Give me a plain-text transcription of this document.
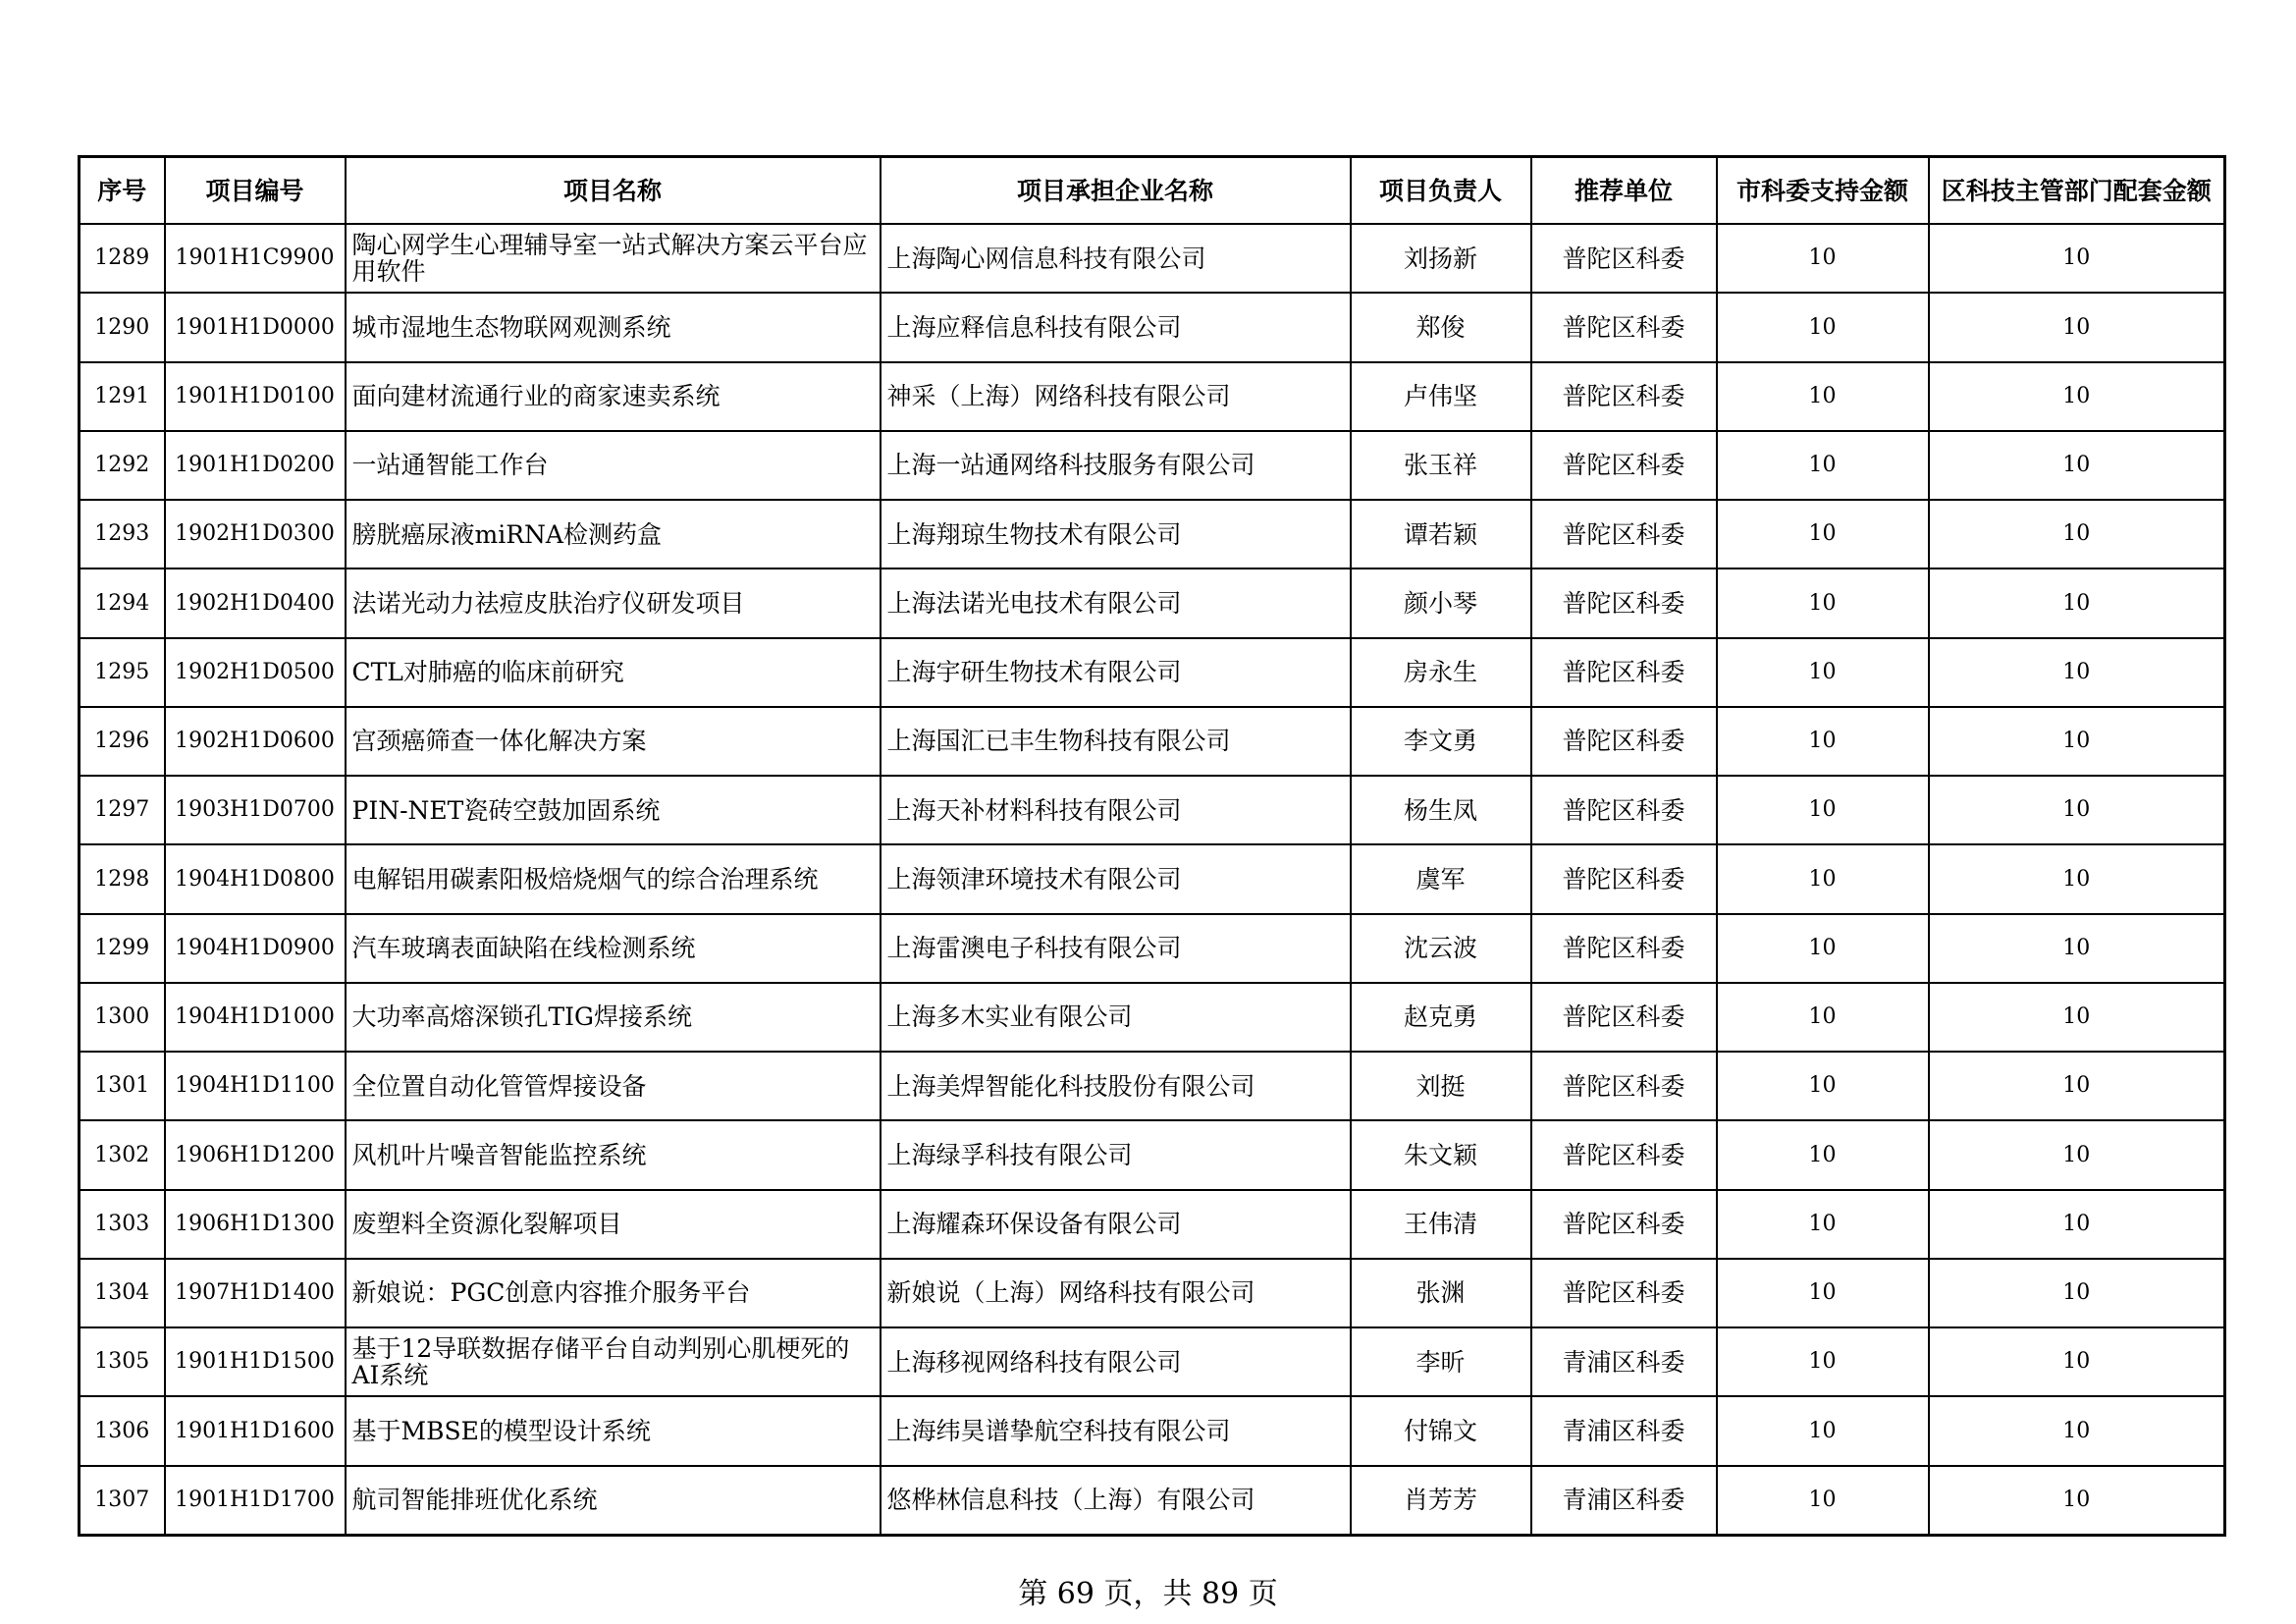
序号	项目编号	项目名称	项目承担企业名称	项目负责人	推荐单位	市科委支持金额	区科技主管部门配套金额
1289	1901H1C9900	陶心网学生心理辅导室一站式解决方案云平台应用软件	上海陶心网信息科技有限公司	刘扬新	普陀区科委	10	10
1290	1901H1D0000	城市湿地生态物联网观测系统	上海应释信息科技有限公司	郑俊	普陀区科委	10	10
1291	1901H1D0100	面向建材流通行业的商家速卖系统	神采（上海）网络科技有限公司	卢伟坚	普陀区科委	10	10
1292	1901H1D0200	一站通智能工作台	上海一站通网络科技服务有限公司	张玉祥	普陀区科委	10	10
1293	1902H1D0300	膀胱癌尿液miRNA检测药盒	上海翔琼生物技术有限公司	谭若颖	普陀区科委	10	10
1294	1902H1D0400	法诺光动力祛痘皮肤治疗仪研发项目	上海法诺光电技术有限公司	颜小琴	普陀区科委	10	10
1295	1902H1D0500	CTL对肺癌的临床前研究	上海宇研生物技术有限公司	房永生	普陀区科委	10	10
1296	1902H1D0600	宫颈癌筛查一体化解决方案	上海国汇已丰生物科技有限公司	李文勇	普陀区科委	10	10
1297	1903H1D0700	PIN-NET瓷砖空鼓加固系统	上海天补材料科技有限公司	杨生凤	普陀区科委	10	10
1298	1904H1D0800	电解铝用碳素阳极焙烧烟气的综合治理系统	上海领津环境技术有限公司	虞军	普陀区科委	10	10
1299	1904H1D0900	汽车玻璃表面缺陷在线检测系统	上海雷澳电子科技有限公司	沈云波	普陀区科委	10	10
1300	1904H1D1000	大功率高熔深锁孔TIG焊接系统	上海多木实业有限公司	赵克勇	普陀区科委	10	10
1301	1904H1D1100	全位置自动化管管焊接设备	上海美焊智能化科技股份有限公司	刘挺	普陀区科委	10	10
1302	1906H1D1200	风机叶片噪音智能监控系统	上海绿孚科技有限公司	朱文颖	普陀区科委	10	10
1303	1906H1D1300	废塑料全资源化裂解项目	上海耀森环保设备有限公司	王伟清	普陀区科委	10	10
1304	1907H1D1400	新娘说：PGC创意内容推介服务平台	新娘说（上海）网络科技有限公司	张渊	普陀区科委	10	10
1305	1901H1D1500	基于12导联数据存储平台自动判别心肌梗死的AI系统	上海移视网络科技有限公司	李昕	青浦区科委	10	10
1306	1901H1D1600	基于MBSE的模型设计系统	上海纬昊谱挚航空科技有限公司	付锦文	青浦区科委	10	10
1307	1901H1D1700	航司智能排班优化系统	悠桦林信息科技（上海）有限公司	肖芳芳	青浦区科委	10	10
第 69 页，共 89 页
